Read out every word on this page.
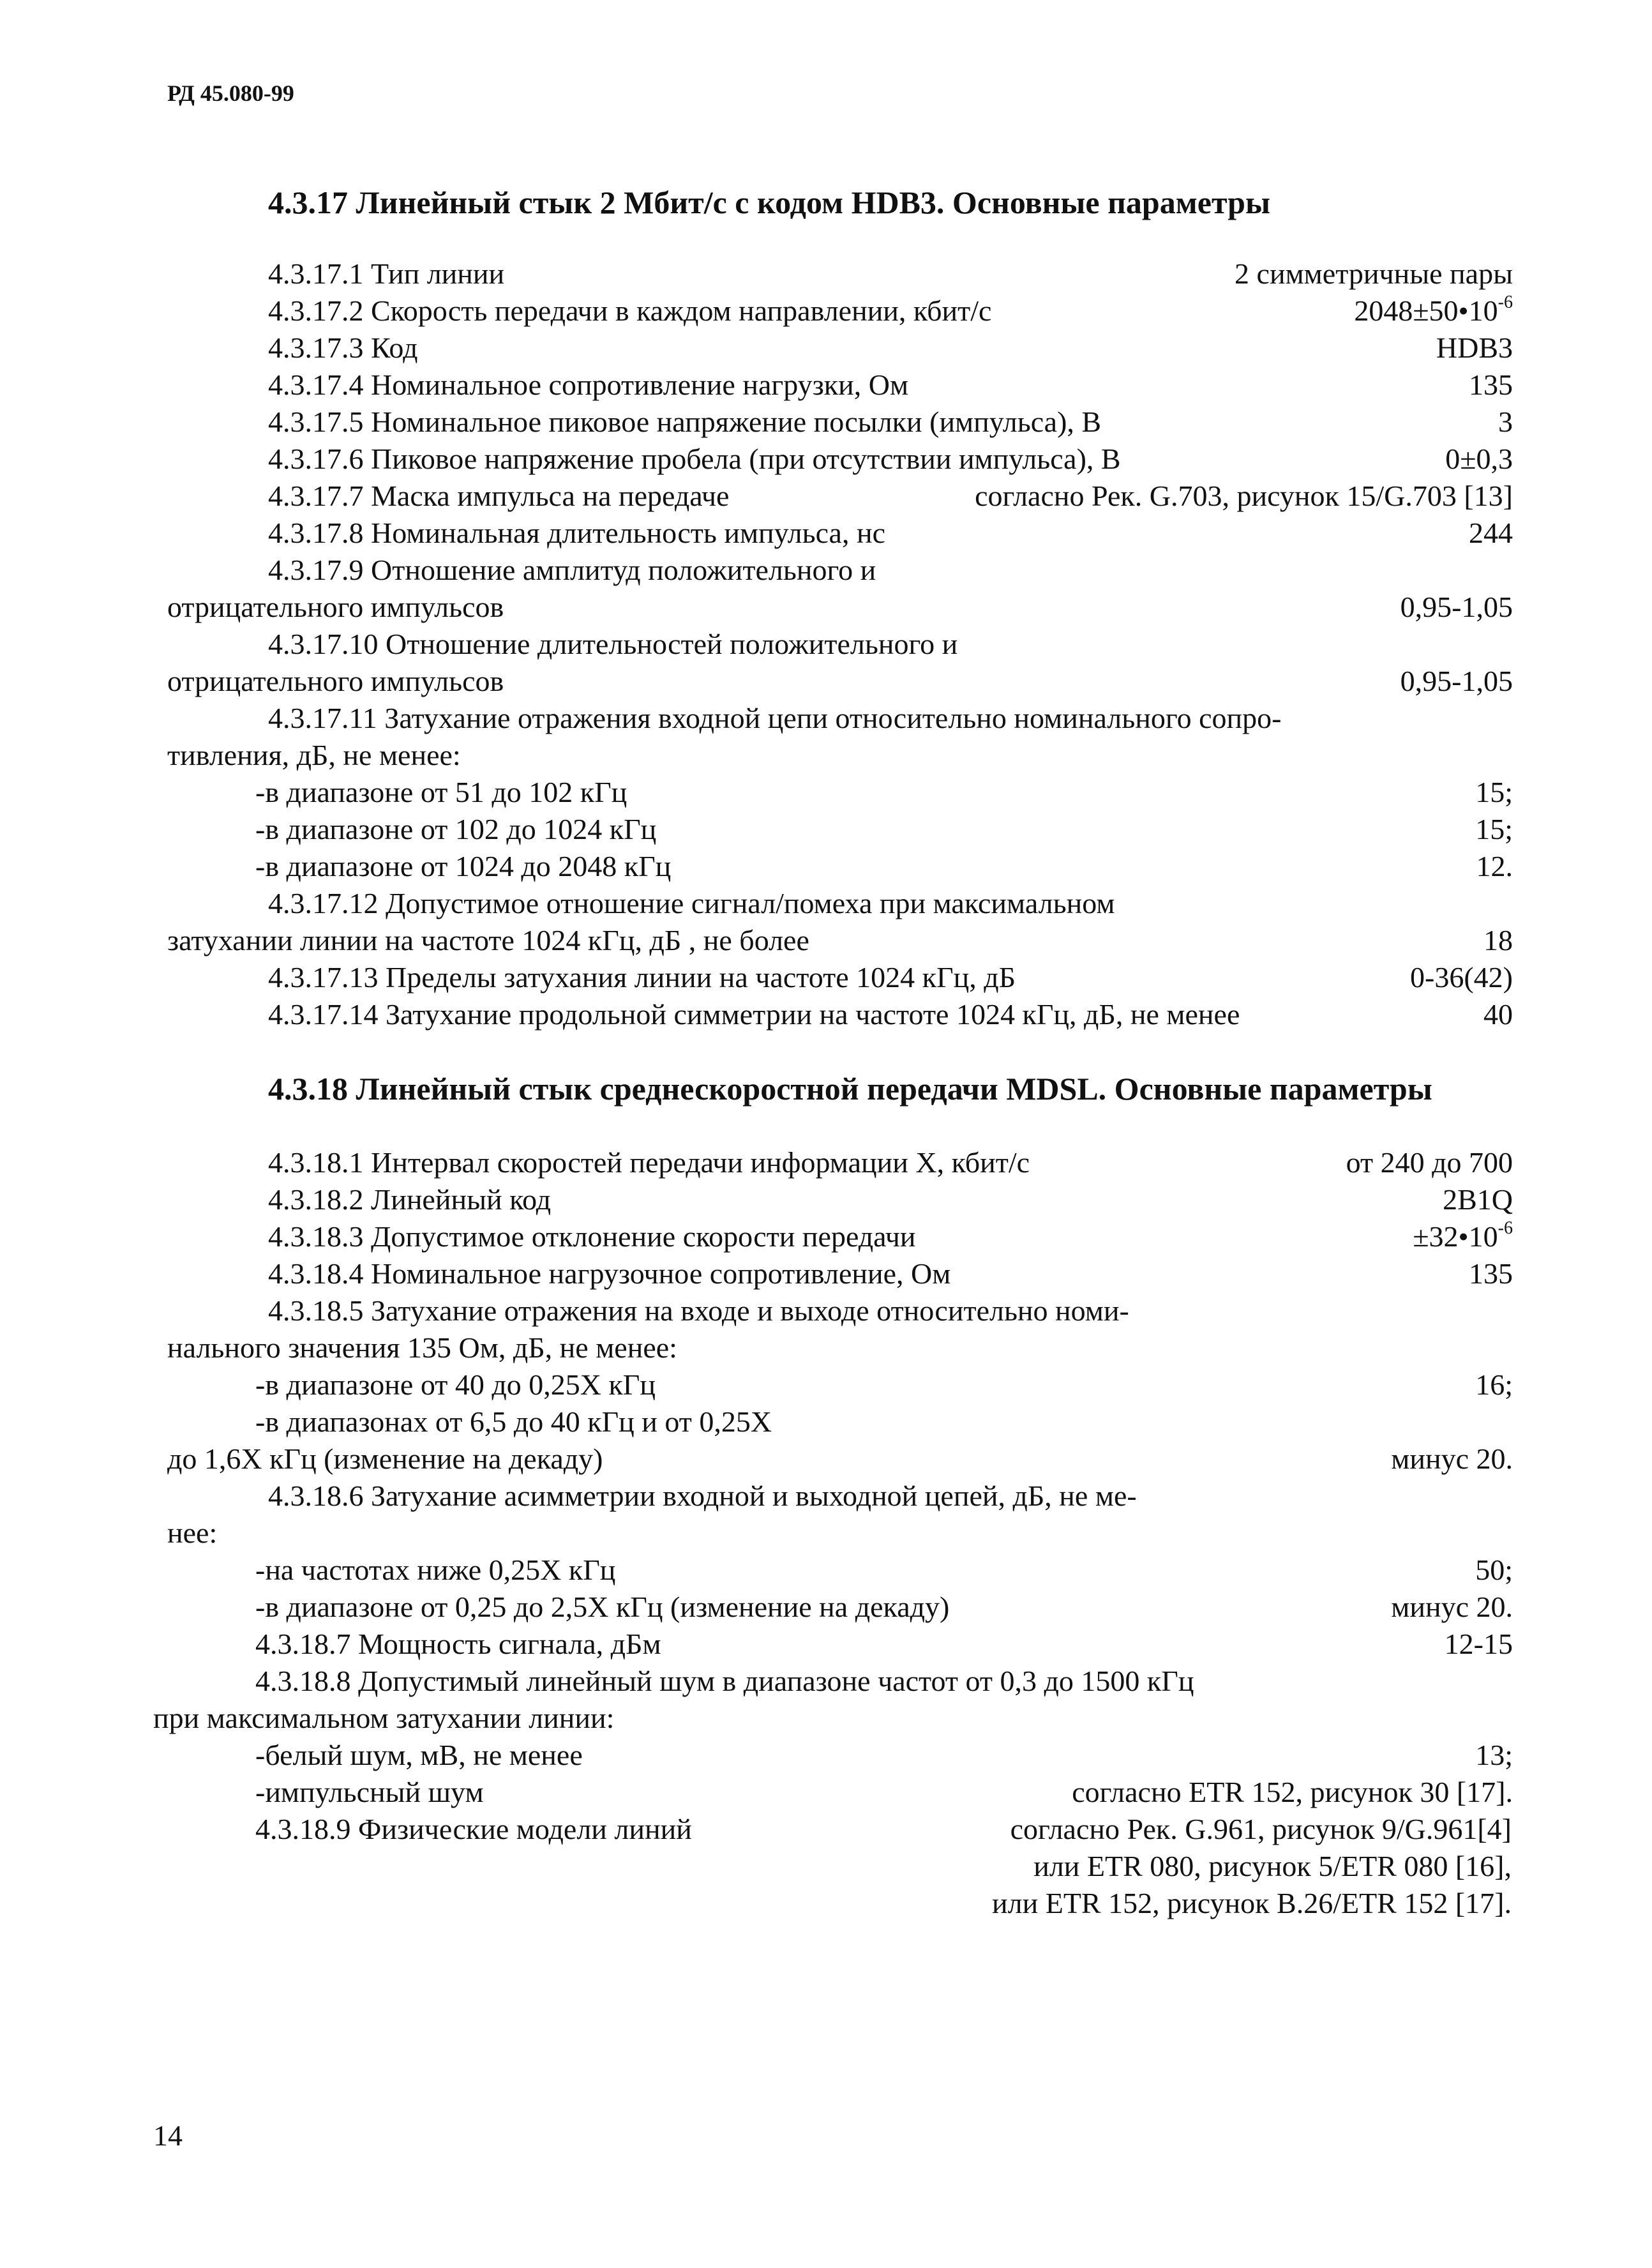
РД 45.080-99
4.3.17 Линейный стык 2 Мбит/с с кодом HDB3. Основные параметры
4.3.17.1 Тип линии	2 симметричные пары
4.3.17.2 Скорость передачи в каждом направлении, кбит/с	$2048\pm 50•10^{-6}$
4.3.17.3 Код	HDB3
4.3.17.4 Номинальное сопротивление нагрузки, Ом	135
4.3.17.5 Номинальное пиковое напряжение посылки (импульса), В	3
4.3.17.6 Пиковое напряжение пробела (при отсутствии импульса), В	0±0,3
4.3.17.7 Маска импульса на передаче	согласно Рек. G.703, рисунок 15/G.703 [13]
4.3.17.8 Номинальная длительность импульса, нс	244
4.3.17.9 Отношение амплитуд положительного и
отрицательного импульсов	0,95-1,05
4.3.17.10 Отношение длительностей положительного и
отрицательного импульсов	0,95-1,05
4.3.17.11 Затухание отражения входной цепи относительно номинального сопро-
тивления, дБ, не менее:
-в диапазоне от 51 до 102 кГц	15;
-в диапазоне от 102 до 1024 кГц	15;
-в диапазоне от 1024 до 2048 кГц	12.
4.3.17.12 Допустимое отношение сигнал/помеха при максимальном
затухании линии на частоте 1024 кГц, дБ , не более	18
4.3.17.13 Пределы затухания линии на частоте 1024 кГц, дБ	0-36(42)
4.3.17.14 Затухание продольной симметрии на частоте 1024 кГц, дБ, не менее	40
4.3.18 Линейный стык среднескоростной передачи MDSL. Основные параметры
4.3.18.1 Интервал скоростей передачи информации X, кбит/с	от 240 до 700
4.3.18.2 Линейный код	2B1Q
4.3.18.3 Допустимое отклонение скорости передачи	$\pm 32•10^{-6}$
4.3.18.4 Номинальное нагрузочное сопротивление, Ом	135
4.3.18.5 Затухание отражения на входе и выходе относительно номи-
нального значения 135 Ом, дБ, не менее:
-в диапазоне от 40 до 0,25X кГц	16;
-в диапазонах от 6,5 до 40 кГц и от 0,25X
до 1,6X кГц (изменение на декаду)	минус 20.
4.3.18.6 Затухание асимметрии входной и выходной цепей, дБ, не ме-
нее:
-на частотах ниже 0,25X кГц	50;
-в диапазоне от 0,25 до 2,5X кГц (изменение на декаду)	минус 20.
4.3.18.7 Мощность сигнала, дБм	12-15
4.3.18.8 Допустимый линейный шум в диапазоне частот от 0,3 до 1500 кГц
при максимальном затухании линии:
-белый шум, мВ, не менее	13;
-импульсный шум	согласно ETR 152, рисунок 30 [17].
4.3.18.9 Физические модели линий	согласно Рек. G.961, рисунок 9/G.961[4]
или ETR 080, рисунок 5/ETR 080 [16],
или ETR 152, рисунок В.26/ETR 152 [17].
14
